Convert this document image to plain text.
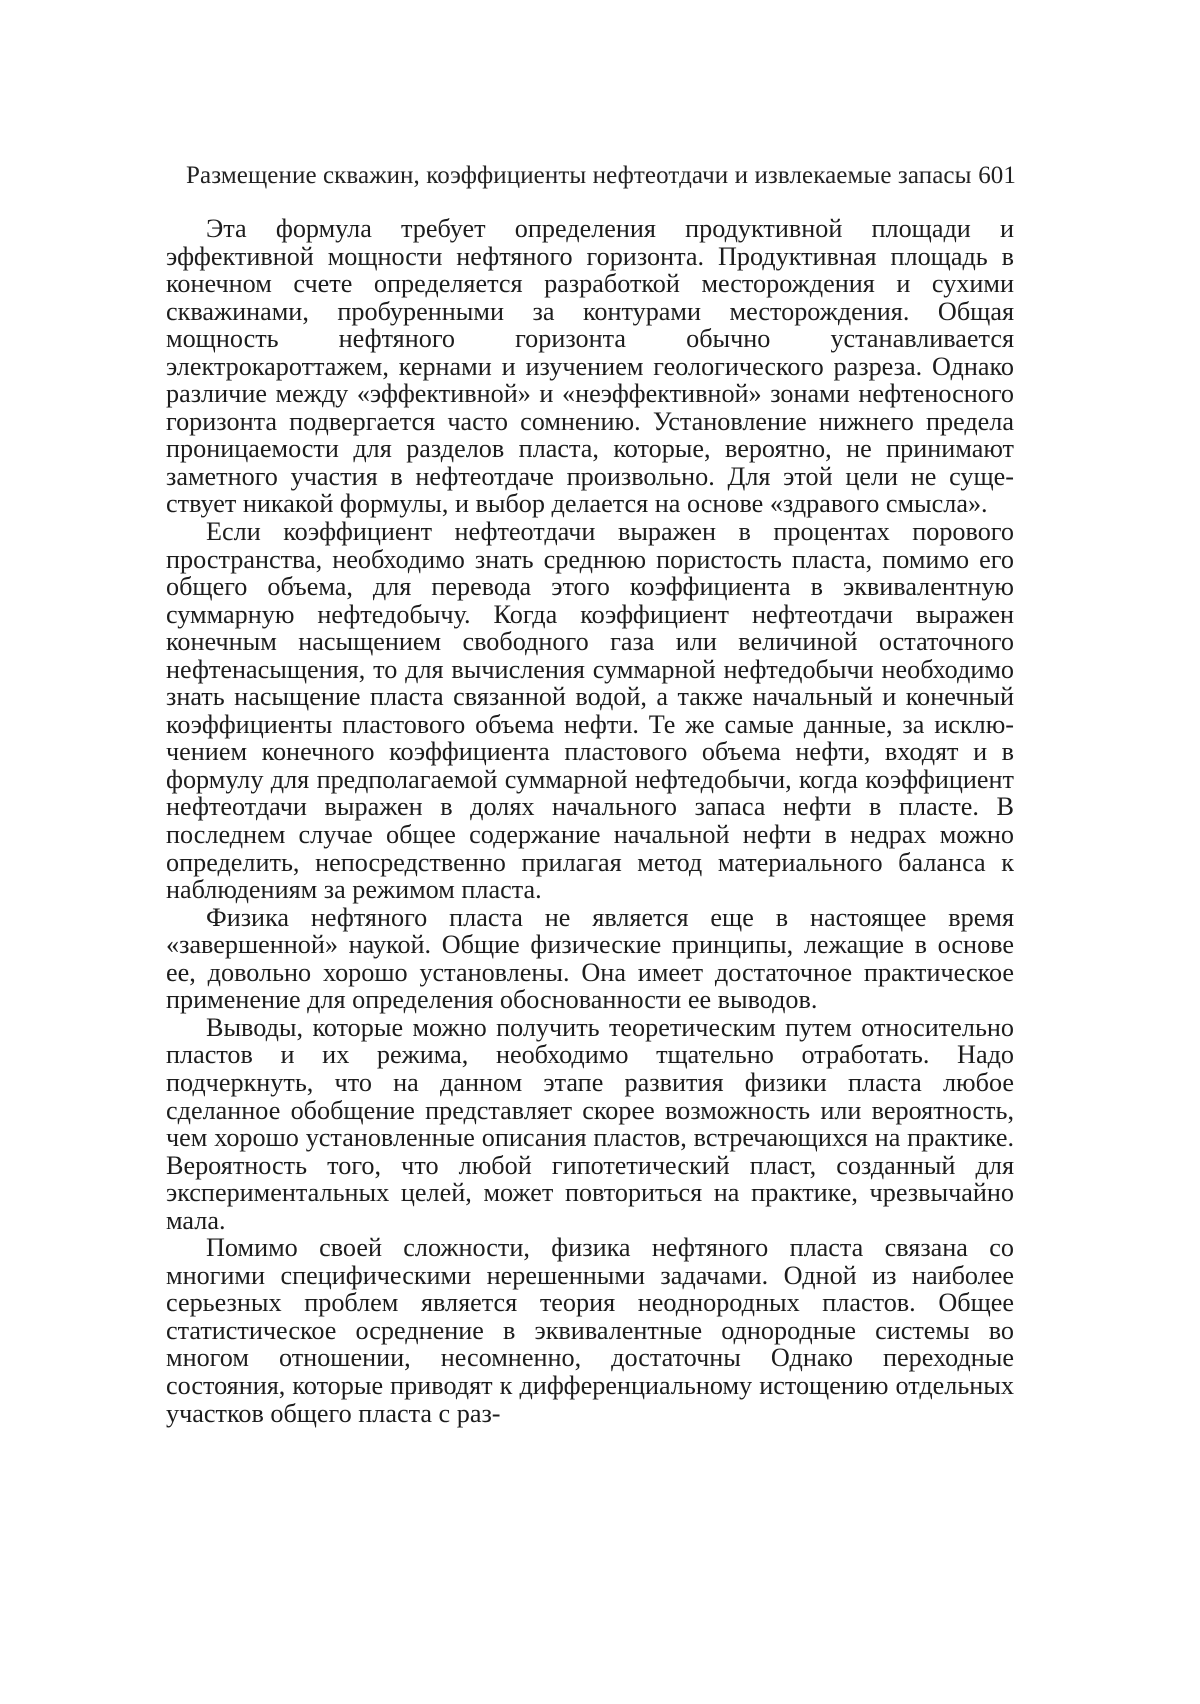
Размещение скважин, коэффициенты нефтеотдачи и извлекаемые запасы 601

Эта формула требует определения продуктивной площади и эффективной мощности нефтяного горизонта. Продуктивная пло­щадь в конечном счете определяется разработкой месторождения и сухими скважинами, пробуренными за контурами месторожде­ния. Общая мощность нефтяного горизонта обычно устанавли­вается электрокароттажем, кернами и изучением геологического разреза. Однако различие между «эффективной» и «неэффек­тивной» зонами нефтеносного горизонта подвергается часто сомнению. Установление нижнего предела проницаемости для разделов пласта, которые, вероятно, не принимают заметного участия в нефтеотдаче произвольно. Для этой цели не суще­ствует никакой формулы, и выбор делается на основе «здравого смысла».

Если коэффициент нефтеотдачи выражен в процентах поро­вого пространства, необходимо знать среднюю пористость пла­ста, помимо его общего объема, для перевода этого коэффици­ента в эквивалентную суммарную нефтедобычу. Когда коэффи­циент нефтеотдачи выражен конечным насыщением свободного газа или величиной остаточного нефтенасыщения, то для вычис­ления суммарной нефтедобычи необходимо знать насыщение пла­ста связанной водой, а также начальный и конечный коэффици­енты пластового объема нефти. Те же самые данные, за исклю­чением конечного коэффициента пластового объема нефти, вхо­дят и в формулу для предполагаемой суммарной нефтедобычи, когда коэффициент нефтеотдачи выражен в долях начального запаса нефти в пласте. В последнем случае общее содержание начальной нефти в недрах можно определить, непосредственно прилагая метод материального баланса к наблюдениям за ре­жимом пласта.

Физика нефтяного пласта не является еще в настоящее время «завершенной» наукой. Общие физические принципы, лежащие в основе ее, довольно хорошо установлены. Она имеет достаточ­ное практическое применение для определения обоснованности ее выводов.

Выводы, которые можно получить теоретическим путем отно­сительно пластов и их режима, необходимо тщательно отрабо­тать. Надо подчеркнуть, что на данном этапе развития физики пласта любое сделанное обобщение представляет скорее возмож­ность или вероятность, чем хорошо установленные описания пла­стов, встречающихся на практике. Вероятность того, что любой гипотетический пласт, созданный для экспериментальных целей, может повториться на практике, чрезвычайно мала.

Помимо своей сложности, физика нефтяного пласта связана со многими специфическими нерешенными задачами. Одной из наиболее серьезных проблем является теория неоднородных пла­стов. Общее статистическое осреднение в эквивалентные одно­родные системы во многом отношении, несомненно, достаточны Однако переходные состояния, которые приводят к дифференци­альному истощению отдельных участков общего пласта с раз-
